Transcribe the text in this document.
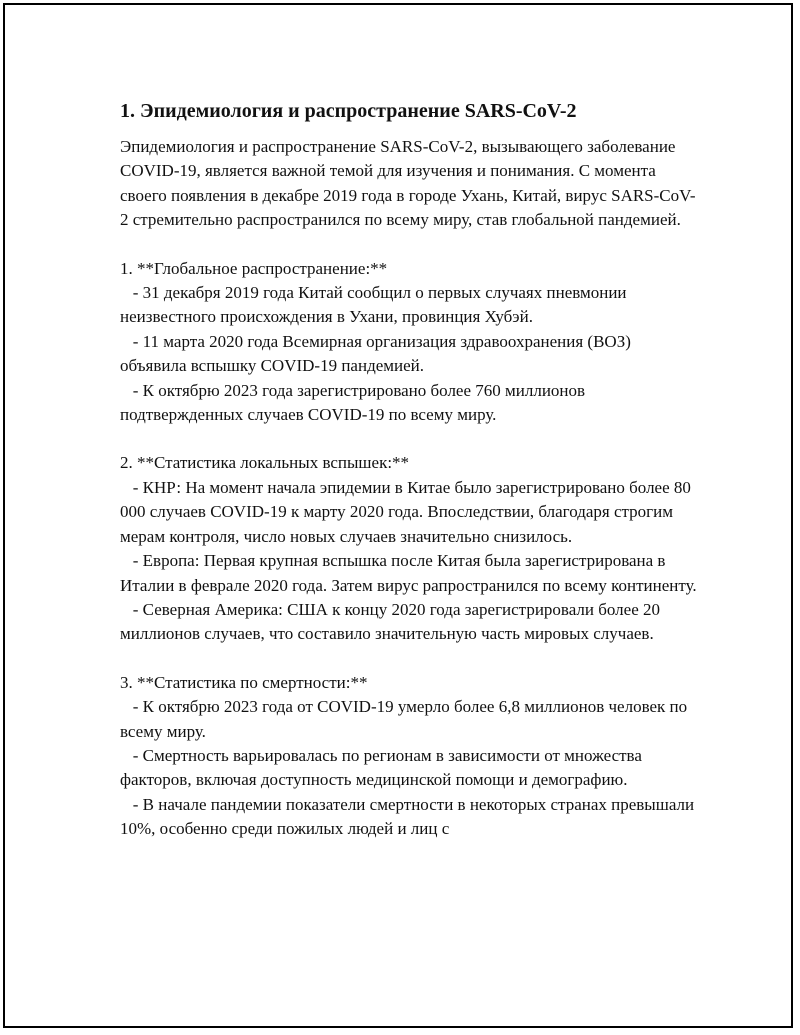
1. Эпидемиология и распространение SARS-CoV-2

Эпидемиология и распространение SARS-CoV-2, вызывающего заболевание COVID-19, является важной темой для изучения и понимания. С момента своего появления в декабре 2019 года в городе Ухань, Китай, вирус SARS-CoV-2 стремительно распространился по всему миру, став глобальной пандемией.

1. **Глобальное распространение:**

- 31 декабря 2019 года Китай сообщил о первых случаях пневмонии неизвестного происхождения в Ухани, провинция Хубэй.

- 11 марта 2020 года Всемирная организация здравоохранения (ВОЗ) объявила вспышку COVID-19 пандемией.

- К октябрю 2023 года зарегистрировано более 760 миллионов подтвержденных случаев COVID-19 по всему миру.

2. **Статистика локальных вспышек:**

- КНР: На момент начала эпидемии в Китае было зарегистрировано более 80 000 случаев COVID-19 к марту 2020 года. Впоследствии, благодаря строгим мерам контроля, число новых случаев значительно снизилось.

- Европа: Первая крупная вспышка после Китая была зарегистрирована в Италии в феврале 2020 года. Затем вирус рапространился по всему континенту.

- Северная Америка: США к концу 2020 года зарегистрировали более 20 миллионов случаев, что составило значительную часть мировых случаев.

3. **Статистика по смертности:**

- К октябрю 2023 года от COVID-19 умерло более 6,8 миллионов человек по всему миру.

- Смертность варьировалась по регионам в зависимости от множества факторов, включая доступность медицинской помощи и демографию.

- В начале пандемии показатели смертности в некоторых странах превышали 10%, особенно среди пожилых людей и лиц с
